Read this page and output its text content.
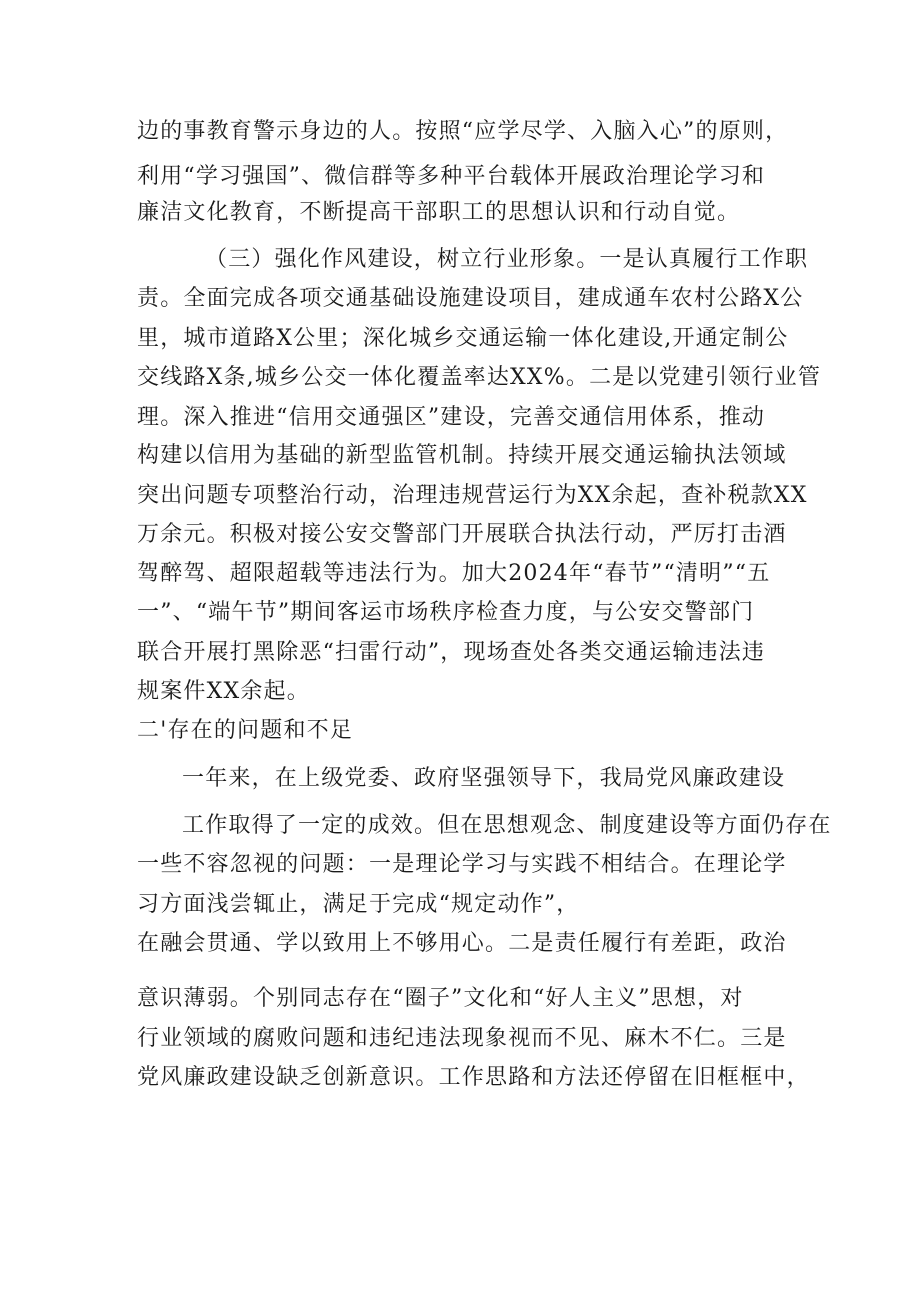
边的事教育警示身边的人。按照“应学尽学、入脑入心”的原则，
利用“学习强国”、微信群等多种平台载体开展政治理论学习和
廉洁文化教育，不断提高干部职工的思想认识和行动自觉。
（三）强化作风建设，树立行业形象。一是认真履行工作职
责。全面完成各项交通基础设施建设项目，建成通车农村公路X公
里，城市道路X公里；深化城乡交通运输一体化建设,开通定制公
交线路X条,城乡公交一体化覆盖率达XX%。二是以党建引领行业管
理。深入推进“信用交通强区”建设，完善交通信用体系，推动
构建以信用为基础的新型监管机制。持续开展交通运输执法领域
突出问题专项整治行动，治理违规营运行为XX余起，查补税款XX
万余元。积极对接公安交警部门开展联合执法行动，严厉打击酒
驾醉驾、超限超载等违法行为。加大2024年“春节”“清明”“五
一”、“端午节”期间客运市场秩序检查力度，与公安交警部门
联合开展打黑除恶“扫雷行动”，现场查处各类交通运输违法违
规案件XX余起。
二'存在的问题和不足
一年来，在上级党委、政府坚强领导下，我局党风廉政建设
工作取得了一定的成效。但在思想观念、制度建设等方面仍存在
一些不容忽视的问题：一是理论学习与实践不相结合。在理论学
习方面浅尝辄止，满足于完成“规定动作”，
在融会贯通、学以致用上不够用心。二是责任履行有差距，政治
意识薄弱。个别同志存在“圈子”文化和“好人主义”思想，对
行业领域的腐败问题和违纪违法现象视而不见、麻木不仁。三是
党风廉政建设缺乏创新意识。工作思路和方法还停留在旧框框中，
